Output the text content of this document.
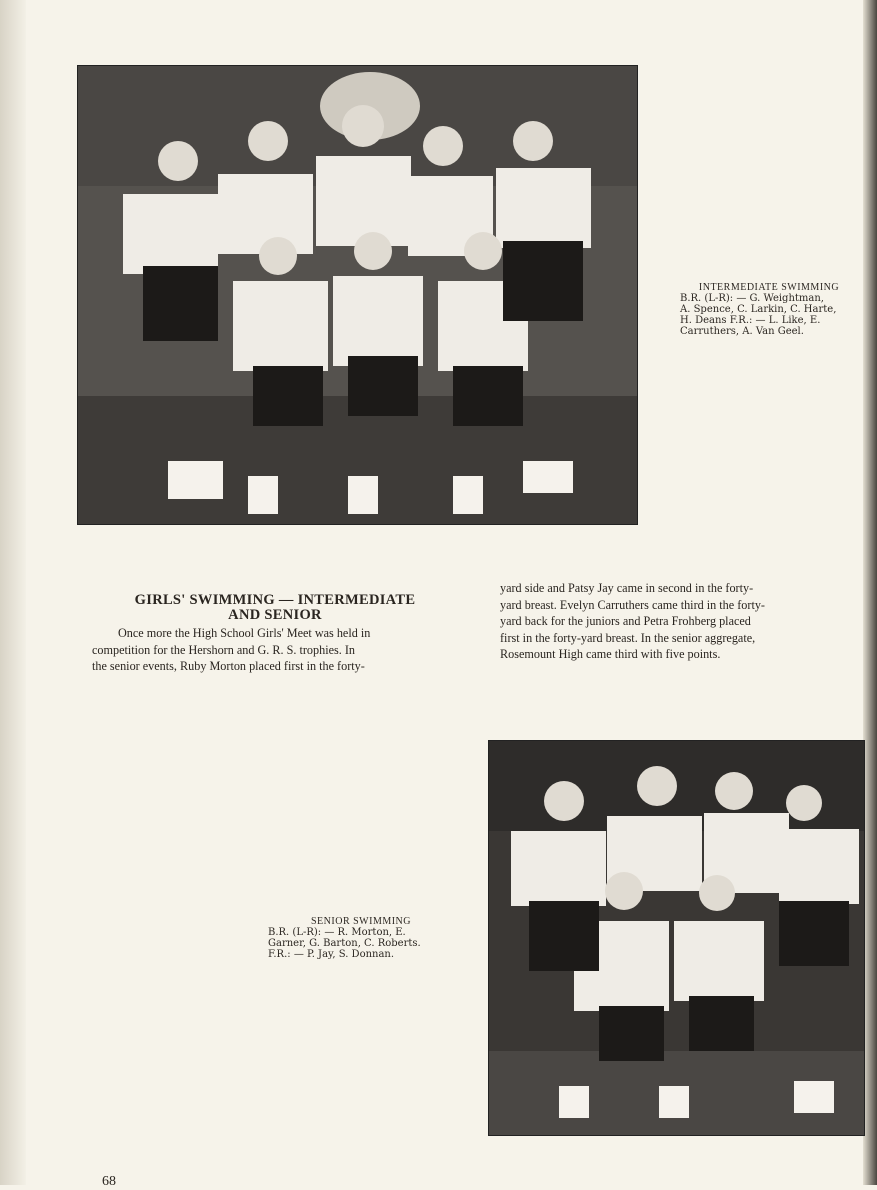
INTERMEDIATE SWIMMING
B.R. (L-R): — G. Weightman,
A. Spence, C. Larkin, C. Harte,
H. Deans F.R.: — L. Like, E.
Carruthers, A. Van Geel.
GIRLS' SWIMMING — INTERMEDIATE
AND SENIOR
Once more the High School Girls' Meet was held in
competition for the Hershorn and G. R. S. trophies. In
the senior events, Ruby Morton placed first in the forty-
yard side and Patsy Jay came in second in the forty-
yard breast. Evelyn Carruthers came third in the forty-
yard back for the juniors and Petra Frohberg placed
first in the forty-yard breast. In the senior aggregate,
Rosemount High came third with five points.
SENIOR SWIMMING
B.R. (L-R): — R. Morton, E.
Garner, G. Barton, C. Roberts.
F.R.: — P. Jay, S. Donnan.
68
